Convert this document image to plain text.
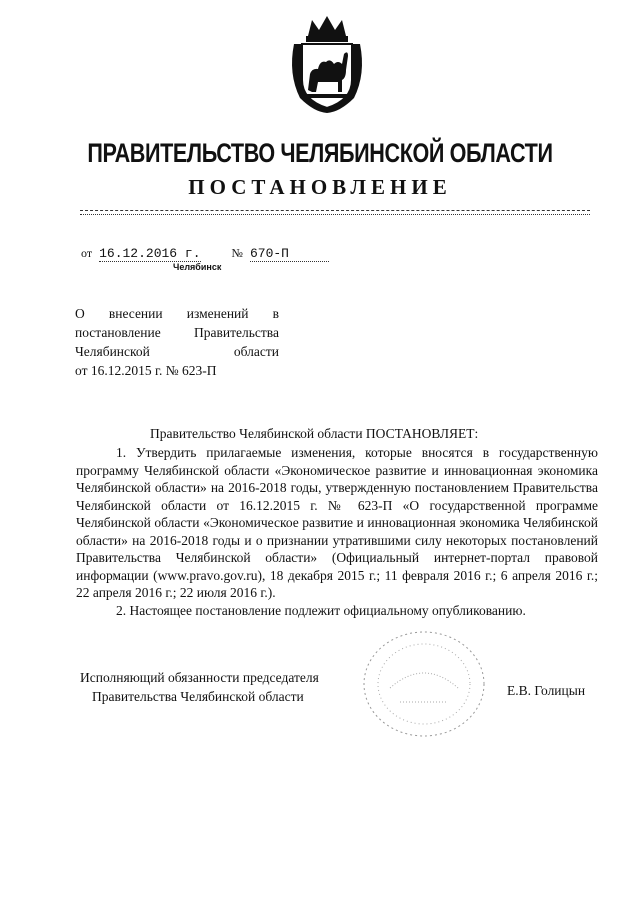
ПРАВИТЕЛЬСТВО ЧЕЛЯБИНСКОЙ ОБЛАСТИ
ПОСТАНОВЛЕНИЕ
от 16.12.2016 г.	№ 670-П
Челябинск
О внесении изменений в
постановление Правительства
Челябинской области
от 16.12.2015 г. № 623-П
Правительство Челябинской области ПОСТАНОВЛЯЕТ:

1. Утвердить прилагаемые изменения, которые вносятся в государственную программу Челябинской области «Экономическое развитие и инновационная экономика Челябинской области» на 2016-2018 годы, утвержденную постановлением Правительства Челябинской области от 16.12.2015 г. № 623-П «О государственной программе Челябинской области «Экономическое развитие и инновационная экономика Челябинской области» на 2016-2018 годы и о признании утратившими силу некоторых постановлений Правительства Челябинской области» (Официальный интернет-портал правовой информации (www.pravo.gov.ru), 18 декабря 2015 г.; 11 февраля 2016 г.; 6 апреля 2016 г.; 22 апреля 2016 г.; 22 июля 2016 г.).

2. Настоящее постановление подлежит официальному опубликованию.

Исполняющий обязанности председателя
Правительства Челябинской области	Е.В. Голицын
